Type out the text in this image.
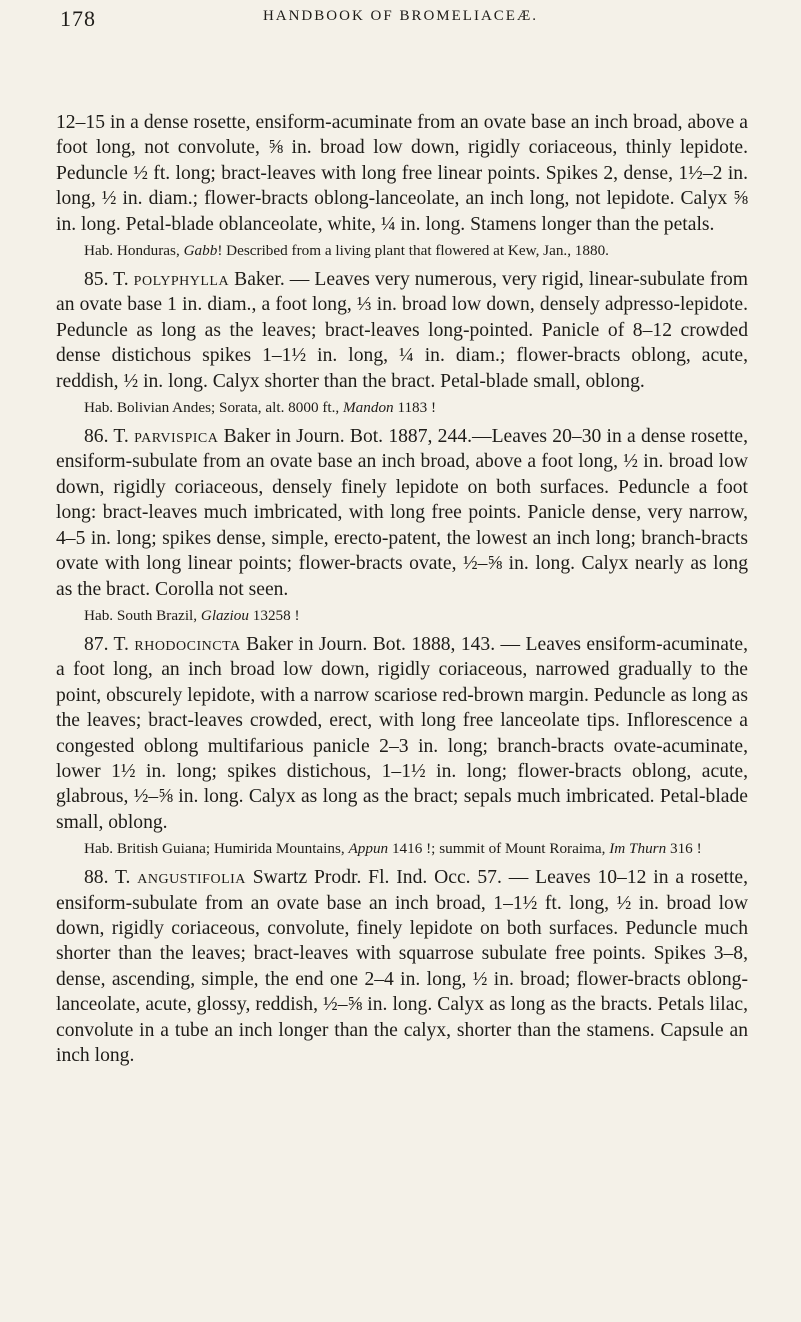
178	HANDBOOK OF BROMELIACEÆ.

12–15 in a dense rosette, ensiform-acuminate from an ovate base an inch broad, above a foot long, not convolute, ⅝ in. broad low down, rigidly coriaceous, thinly lepidote. Peduncle ½ ft. long; bract-leaves with long free linear points. Spikes 2, dense, 1½–2 in. long, ½ in. diam.; flower-bracts oblong-lanceolate, an inch long, not lepidote. Calyx ⅝ in. long. Petal-blade oblanceolate, white, ¼ in. long. Stamens longer than the petals.

Hab. Honduras, Gabb! Described from a living plant that flowered at Kew, Jan., 1880.

85. T. polyphylla Baker. — Leaves very numerous, very rigid, linear-subulate from an ovate base 1 in. diam., a foot long, ⅓ in. broad low down, densely adpresso-lepidote. Peduncle as long as the leaves; bract-leaves long-pointed. Panicle of 8–12 crowded dense distichous spikes 1–1½ in. long, ¼ in. diam.; flower-bracts oblong, acute, reddish, ½ in. long. Calyx shorter than the bract. Petal-blade small, oblong.

Hab. Bolivian Andes; Sorata, alt. 8000 ft., Mandon 1183 !

86. T. parvispica Baker in Journ. Bot. 1887, 244.—Leaves 20–30 in a dense rosette, ensiform-subulate from an ovate base an inch broad, above a foot long, ½ in. broad low down, rigidly coriaceous, densely finely lepidote on both surfaces. Peduncle a foot long: bract-leaves much imbricated, with long free points. Panicle dense, very narrow, 4–5 in. long; spikes dense, simple, erecto-patent, the lowest an inch long; branch-bracts ovate with long linear points; flower-bracts ovate, ½–⅝ in. long. Calyx nearly as long as the bract. Corolla not seen.

Hab. South Brazil, Glaziou 13258 !

87. T. rhodocincta Baker in Journ. Bot. 1888, 143. — Leaves ensiform-acuminate, a foot long, an inch broad low down, rigidly coriaceous, narrowed gradually to the point, obscurely lepidote, with a narrow scariose red-brown margin. Peduncle as long as the leaves; bract-leaves crowded, erect, with long free lanceolate tips. Inflorescence a congested oblong multifarious panicle 2–3 in. long; branch-bracts ovate-acuminate, lower 1½ in. long; spikes distichous, 1–1½ in. long; flower-bracts oblong, acute, glabrous, ½–⅝ in. long. Calyx as long as the bract; sepals much imbricated. Petal-blade small, oblong.

Hab. British Guiana; Humirida Mountains, Appun 1416 !; summit of Mount Roraima, Im Thurn 316 !

88. T. angustifolia Swartz Prodr. Fl. Ind. Occ. 57. — Leaves 10–12 in a rosette, ensiform-subulate from an ovate base an inch broad, 1–1½ ft. long, ½ in. broad low down, rigidly coriaceous, convolute, finely lepidote on both surfaces. Peduncle much shorter than the leaves; bract-leaves with squarrose subulate free points. Spikes 3–8, dense, ascending, simple, the end one 2–4 in. long, ½ in. broad; flower-bracts oblong-lanceolate, acute, glossy, reddish, ½–⅝ in. long. Calyx as long as the bracts. Petals lilac, convolute in a tube an inch longer than the calyx, shorter than the stamens. Capsule an inch long.
